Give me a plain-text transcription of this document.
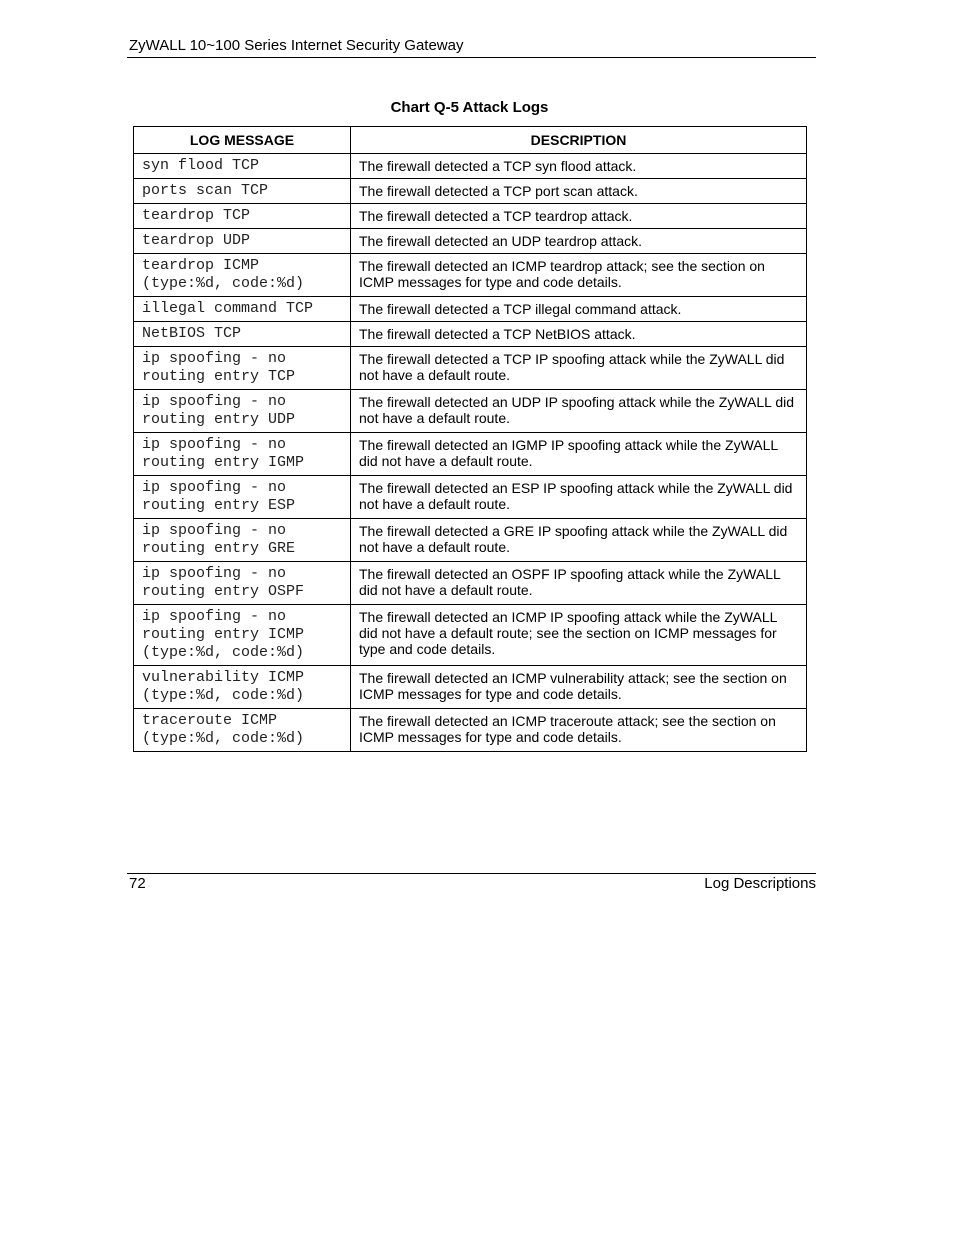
ZyWALL 10~100 Series Internet Security Gateway
Chart Q-5 Attack Logs
LOG MESSAGE	DESCRIPTION
syn flood TCP	The firewall detected a TCP syn flood attack.
ports scan TCP	The firewall detected a TCP port scan attack.
teardrop TCP	The firewall detected a TCP teardrop attack.
teardrop UDP	The firewall detected an UDP teardrop attack.
teardrop ICMP (type:%d, code:%d)	The firewall detected an ICMP teardrop attack; see the section on ICMP messages for type and code details.
illegal command TCP	The firewall detected a TCP illegal command attack.
NetBIOS TCP	The firewall detected a TCP NetBIOS attack.
ip spoofing - no routing entry TCP	The firewall detected a TCP IP spoofing attack while the ZyWALL did not have a default route.
ip spoofing - no routing entry UDP	The firewall detected an UDP IP spoofing attack while the ZyWALL did not have a default route.
ip spoofing - no routing entry IGMP	The firewall detected an IGMP IP spoofing attack while the ZyWALL did not have a default route.
ip spoofing - no routing entry ESP	The firewall detected an ESP IP spoofing attack while the ZyWALL did not have a default route.
ip spoofing - no routing entry GRE	The firewall detected a GRE IP spoofing attack while the ZyWALL did not have a default route.
ip spoofing - no routing entry OSPF	The firewall detected an OSPF IP spoofing attack while the ZyWALL did not have a default route.
ip spoofing - no routing entry ICMP (type:%d, code:%d)	The firewall detected an ICMP IP spoofing attack while the ZyWALL did not have a default route; see the section on ICMP messages for type and code details.
vulnerability ICMP (type:%d, code:%d)	The firewall detected an ICMP vulnerability attack; see the section on ICMP messages for type and code details.
traceroute ICMP (type:%d, code:%d)	The firewall detected an ICMP traceroute attack; see the section on ICMP messages for type and code details.
72	Log Descriptions
